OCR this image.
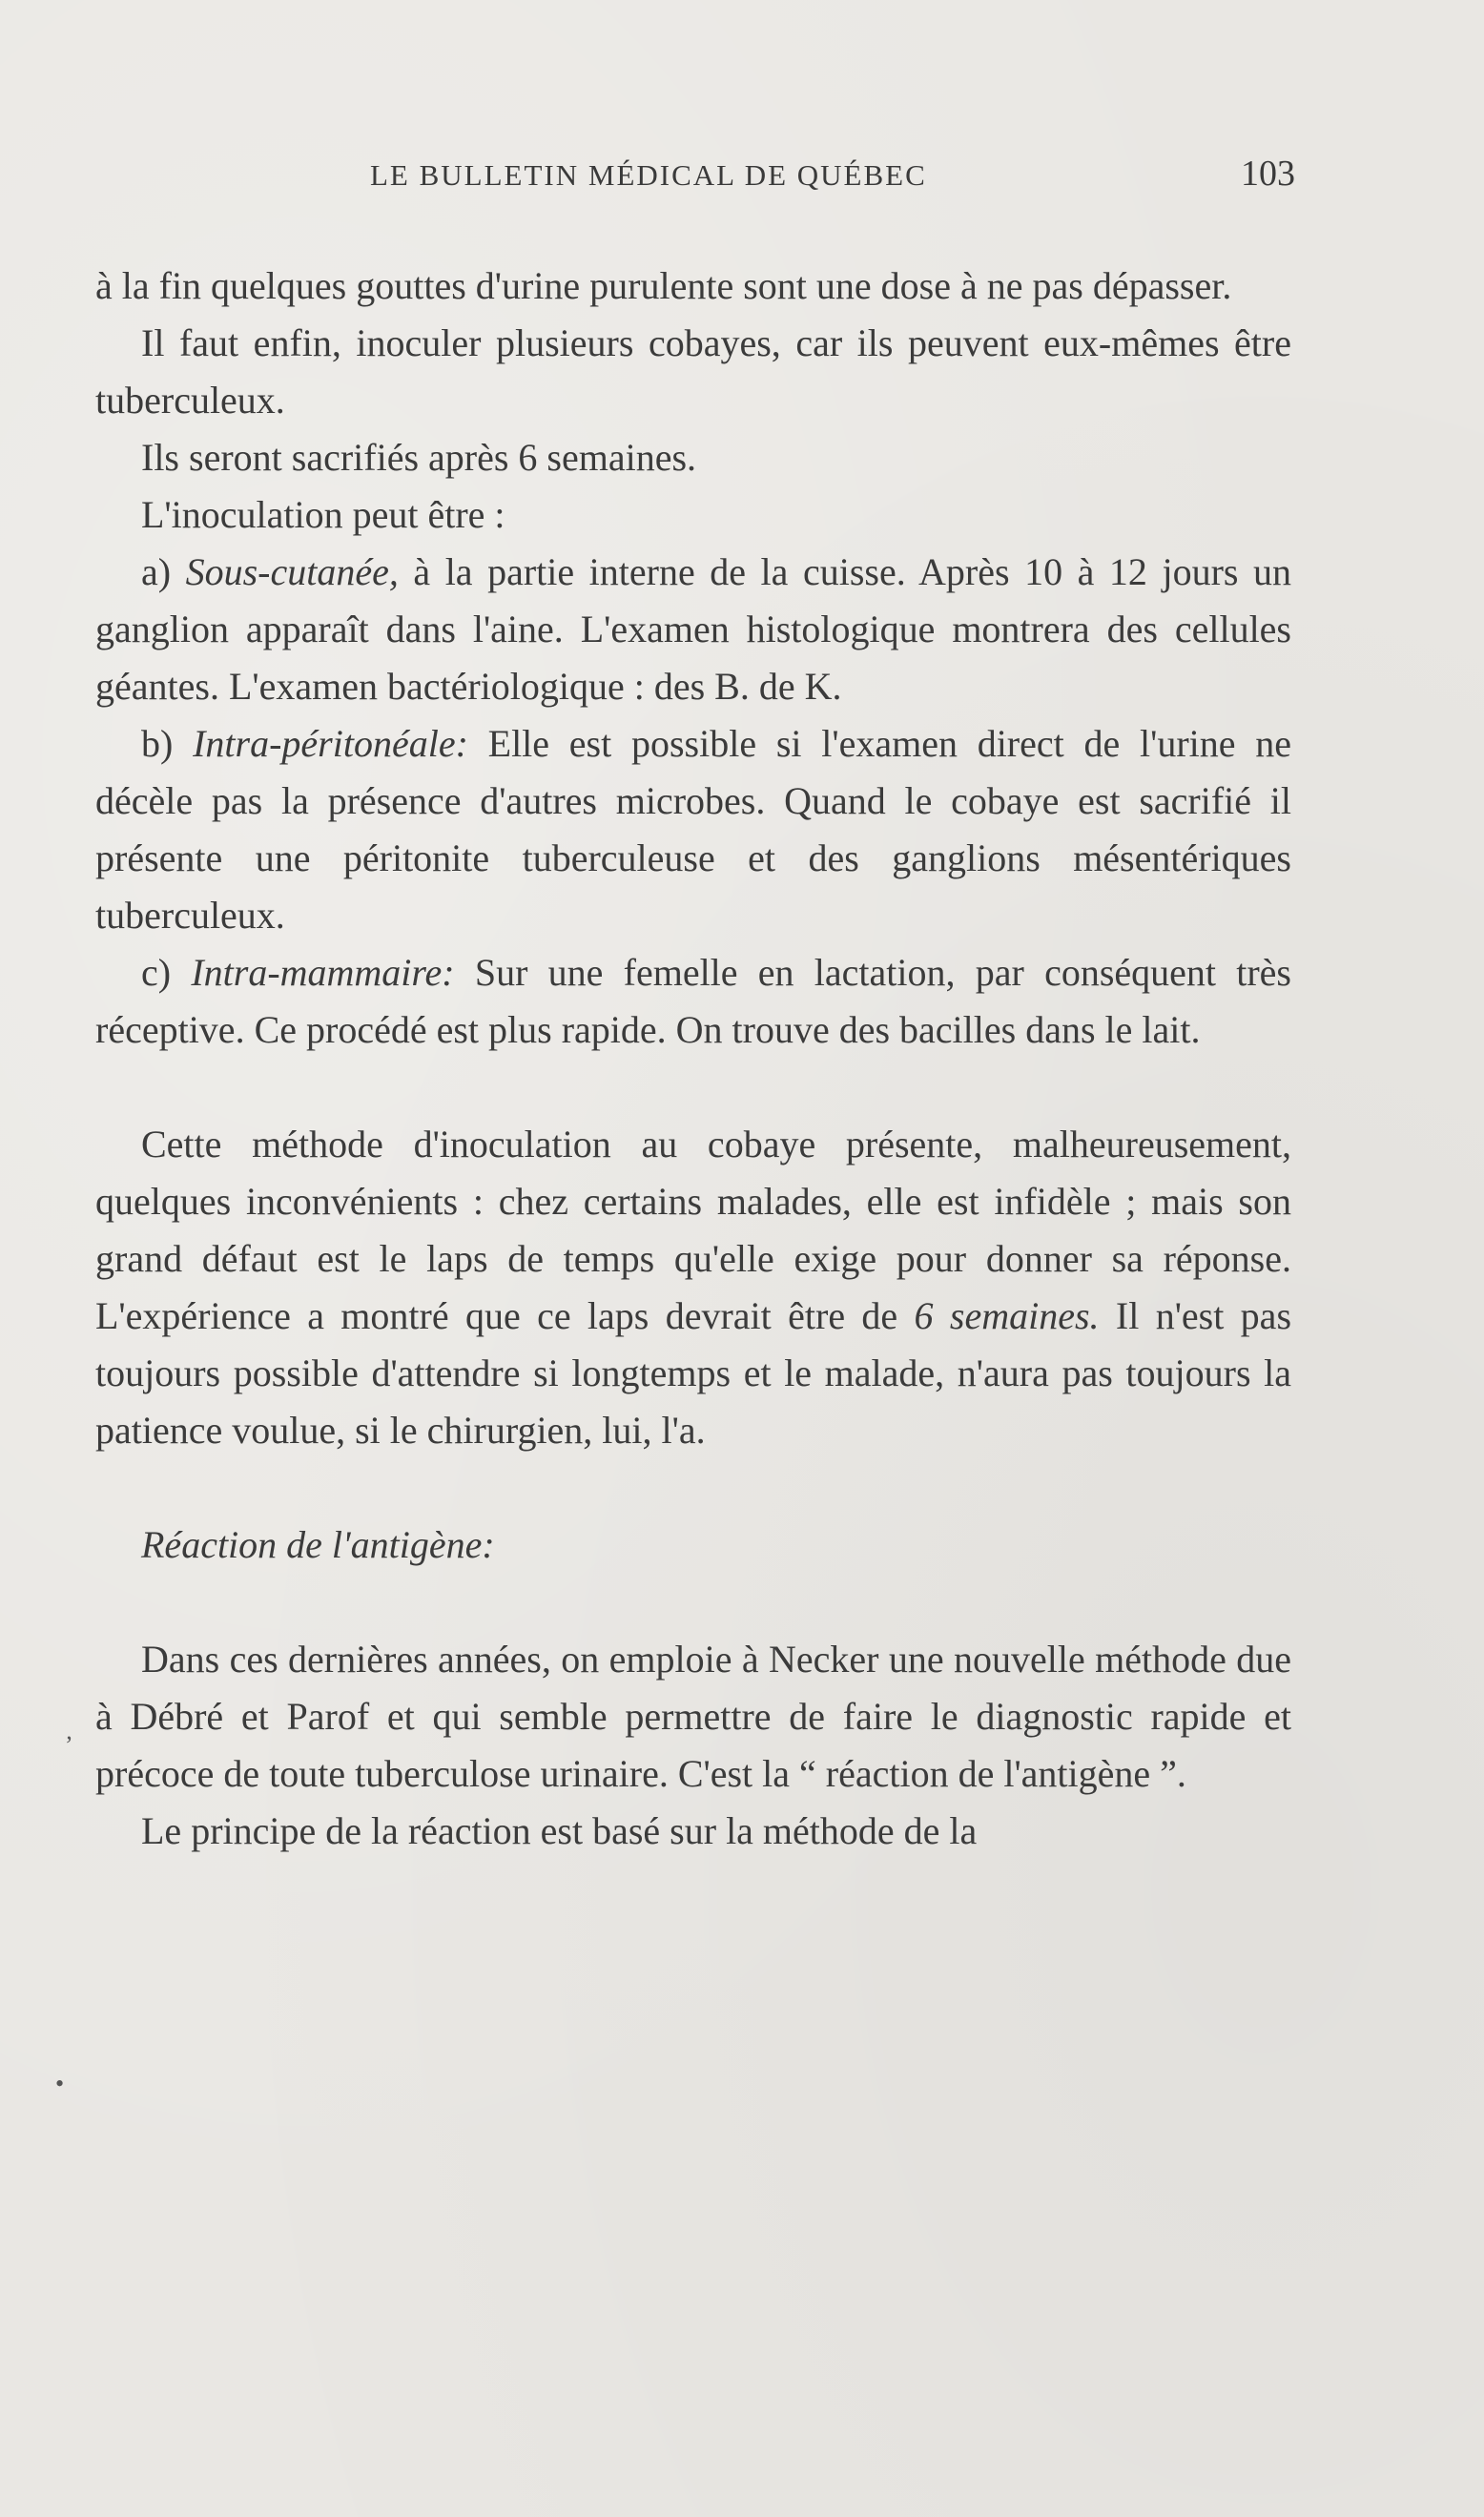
LE BULLETIN MÉDICAL DE QUÉBEC	103

à la fin quelques gouttes d'urine purulente sont une dose à ne pas dépasser.

Il faut enfin, inoculer plusieurs cobayes, car ils peuvent eux-mêmes être tuberculeux.

Ils seront sacrifiés après 6 semaines.

L'inoculation peut être :

a) Sous-cutanée, à la partie interne de la cuisse. Après 10 à 12 jours un ganglion apparaît dans l'aine. L'examen histologique montrera des cellules géantes. L'examen bactériologique : des B. de K.

b) Intra-péritonéale: Elle est possible si l'examen direct de l'urine ne décèle pas la présence d'autres microbes. Quand le cobaye est sacrifié il présente une péritonite tuberculeuse et des ganglions mésentériques tuberculeux.

c) Intra-mammaire: Sur une femelle en lactation, par conséquent très réceptive. Ce procédé est plus rapide. On trouve des bacilles dans le lait.

Cette méthode d'inoculation au cobaye présente, malheureusement, quelques inconvénients : chez certains malades, elle est infidèle ; mais son grand défaut est le laps de temps qu'elle exige pour donner sa réponse. L'expérience a montré que ce laps devrait être de 6 semaines. Il n'est pas toujours possible d'attendre si longtemps et le malade, n'aura pas toujours la patience voulue, si le chirurgien, lui, l'a.

Réaction de l'antigène:

Dans ces dernières années, on emploie à Necker une nouvelle méthode due à Débré et Parof et qui semble permettre de faire le diagnostic rapide et précoce de toute tuberculose urinaire. C'est la “ réaction de l'antigène ”.

Le principe de la réaction est basé sur la méthode de la

’
•
